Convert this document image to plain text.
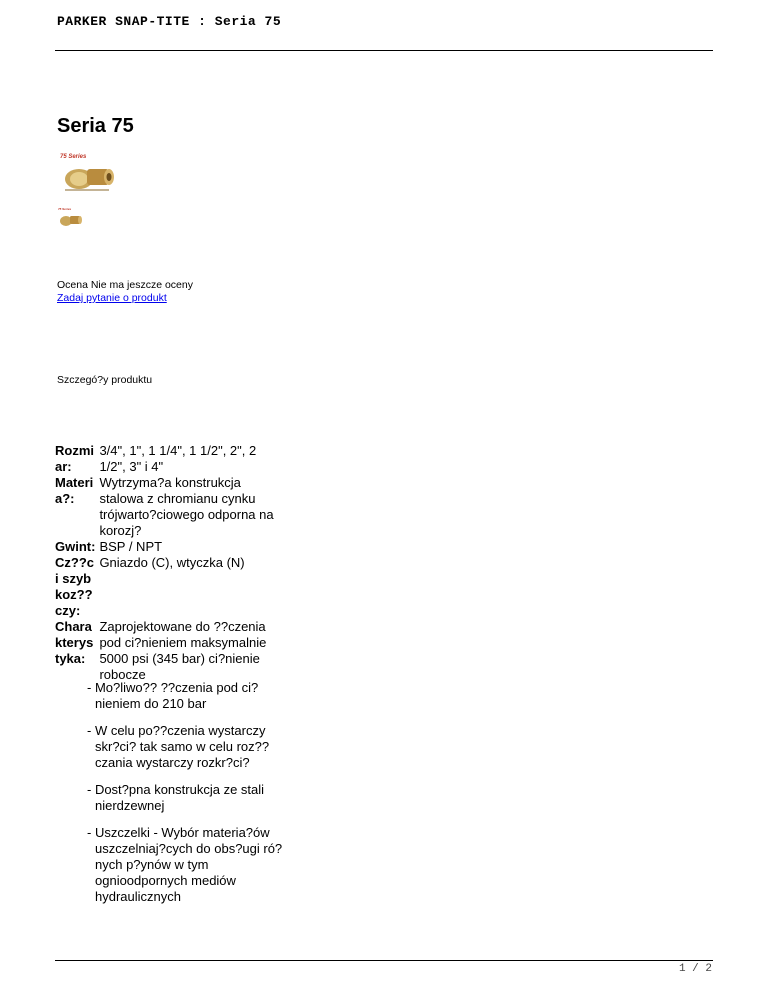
PARKER SNAP-TITE : Seria 75
Seria 75
75 Series
75 Series
Ocena Nie ma jeszcze oceny
Zadaj pytanie o produkt
Szczegó?y produktu
Rozmiar:	3/4", 1", 1 1/4", 1 1/2", 2", 2 1/2", 3" i 4"
Materia?:	Wytrzyma?a konstrukcja stalowa z chromianu cynku trójwarto?ciowego odporna na korozj?
Gwint:	BSP / NPT
Cz??ci szybkoz??czy:	Gniazdo (C), wtyczka (N)
Charakterystyka:	Zaprojektowane do ??czenia pod ci?nieniem maksymalnie 5000 psi (345 bar) ci?nienie robocze
- Mo?liwo?? ??czenia pod ci?nieniem do 210 bar
- W celu po??czenia wystarczy skr?ci? tak samo w celu roz??czania wystarczy rozkr?ci?
- Dost?pna konstrukcja ze stali nierdzewnej
- Uszczelki - Wybór materia?ów uszczelniaj?cych do obs?ugi ró?nych p?ynów w tym ognioodpornych mediów hydraulicznych
1 / 2
